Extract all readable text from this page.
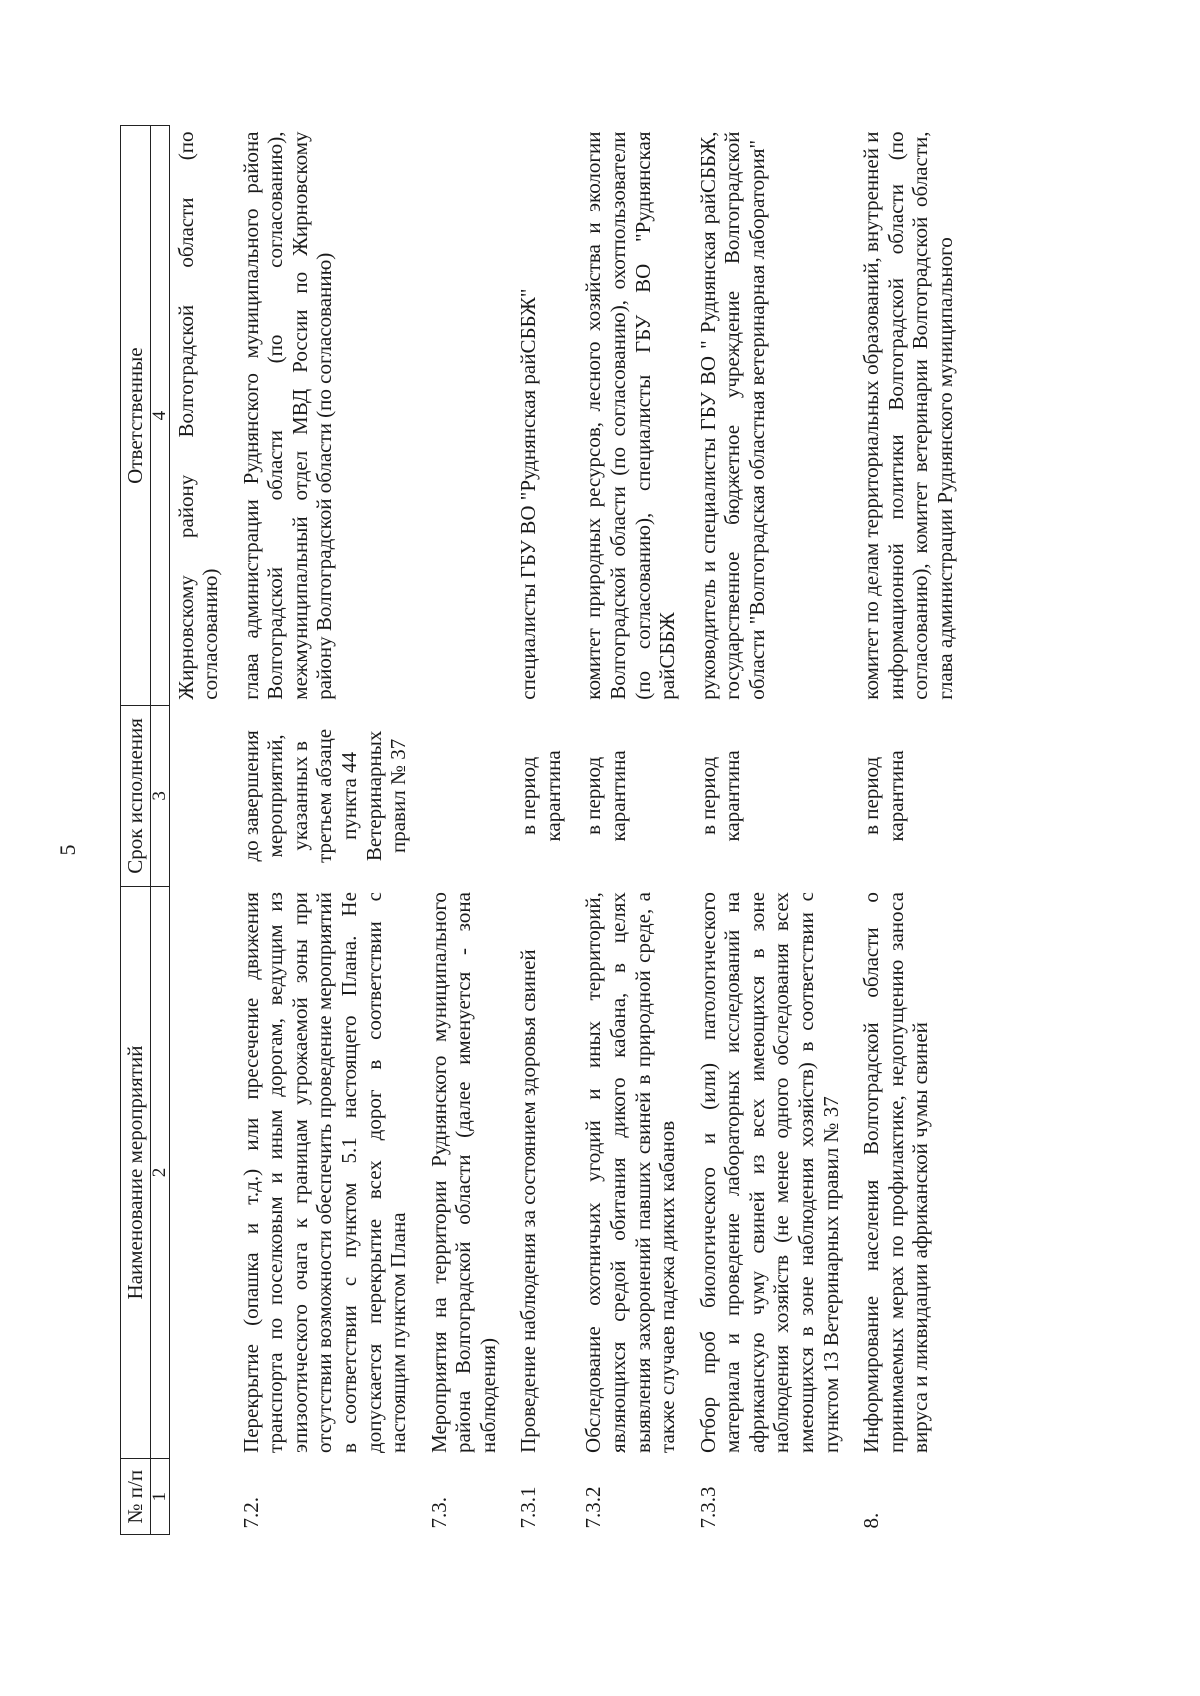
5
№ п/п	Наименование мероприятий	Срок исполнения	Ответственные
1	2	3	4
			Жирновскому району Волгоградской области (по согласованию)
7.2.	Перекрытие (опашка и т.д.) или пресечение движения транспорта по поселковым и иным дорогам, ведущим из эпизоотического очага к границам угрожаемой зоны при отсутствии возможности обеспечить проведение мероприятий в соответствии с пунктом 5.1 настоящего Плана. Не допускается перекрытие всех дорог в соответствии с настоящим пунктом Плана	до завершения мероприятий, указанных в третьем абзаце пункта 44 Ветеринарных правил № 37	глава администрации Руднянского муниципального района Волгоградской области (по согласованию), межмуниципальный отдел МВД России по Жирновскому району Волгоградской области (по согласованию)
7.3.	Мероприятия на территории Руднянского муниципального района Волгоградской области (далее именуется - зона наблюдения)		
7.3.1	Проведение наблюдения за состоянием здоровья свиней	в период карантина	специалисты ГБУ ВО "Руднянская райСББЖ"
7.3.2	Обследование охотничьих угодий и иных территорий, являющихся средой обитания дикого кабана, в целях выявления захоронений павших свиней в природной среде, а также случаев падежа диких кабанов	в период карантина	комитет природных ресурсов, лесного хозяйства и экологии Волгоградской области (по согласованию), охотпользователи (по согласованию), специалисты ГБУ ВО "Руднянская райСББЖ
7.3.3	Отбор проб биологического и (или) патологического материала и проведение лабораторных исследований на африканскую чуму свиней из всех имеющихся в зоне наблюдения хозяйств (не менее одного обследования всех имеющихся в зоне наблюдения хозяйств) в соответствии с пунктом 13 Ветеринарных правил № 37	в период карантина	руководитель и специалисты ГБУ ВО " Руднянская райСББЖ, государственное бюджетное учреждение Волгоградской области "Волгоградская областная ветеринарная лаборатория"
8.	Информирование населения Волгоградской области о принимаемых мерах по профилактике, недопущению заноса вируса и ликвидации африканской чумы свиней	в период карантина	комитет по делам территориальных образований, внутренней и информационной политики Волгоградской области (по согласованию), комитет ветеринарии Волгоградской области, глава администрации Руднянского муниципального
